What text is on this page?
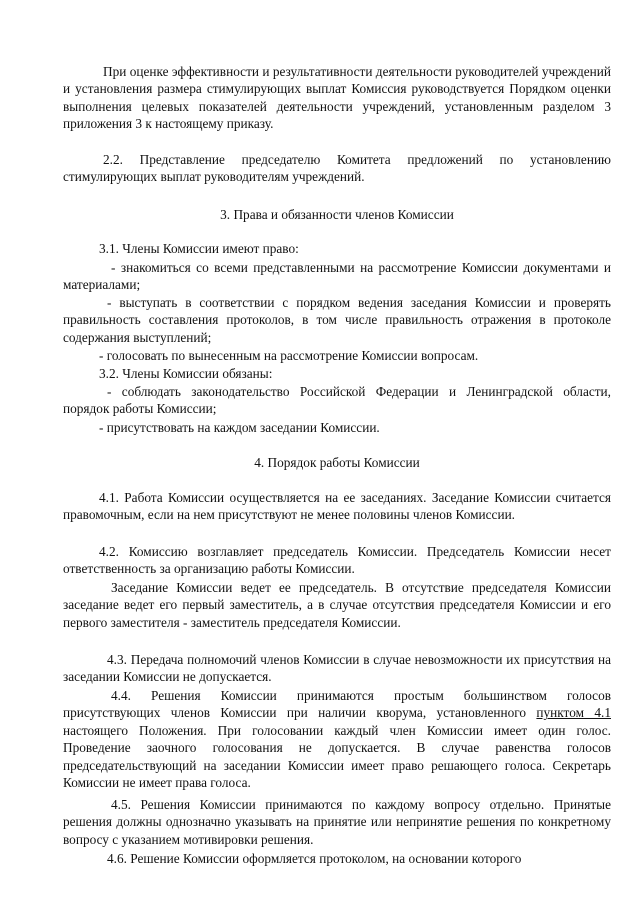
При оценке эффективности и результативности деятельности руководителей учреждений и установления размера стимулирующих выплат Комиссия руководствуется Порядком оценки выполнения целевых показателей деятельности учреждений, установленным разделом 3 приложения 3 к настоящему приказу.

2.2. Представление председателю Комитета предложений по установлению стимулирующих выплат руководителям учреждений.

3. Права и обязанности членов Комиссии

3.1. Члены Комиссии имеют право:

- знакомиться со всеми представленными на рассмотрение Комиссии документами и материалами;

- выступать в соответствии с порядком ведения заседания Комиссии и проверять правильность составления протоколов, в том числе правильность отражения в протоколе содержания выступлений;

- голосовать по вынесенным на рассмотрение Комиссии вопросам.

3.2. Члены Комиссии обязаны:

- соблюдать законодательство Российской Федерации и Ленинградской области, порядок работы Комиссии;

- присутствовать на каждом заседании Комиссии.

4. Порядок работы Комиссии

4.1. Работа Комиссии осуществляется на ее заседаниях. Заседание Комиссии считается правомочным, если на нем присутствуют не менее половины членов Комиссии.

4.2. Комиссию возглавляет председатель Комиссии. Председатель Комиссии несет ответственность за организацию работы Комиссии.

Заседание Комиссии ведет ее председатель. В отсутствие председателя Комиссии заседание ведет его первый заместитель, а в случае отсутствия председателя Комиссии и его первого заместителя - заместитель председателя Комиссии.

4.3. Передача полномочий членов Комиссии в случае невозможности их присутствия на заседании Комиссии не допускается.

4.4. Решения Комиссии принимаются простым большинством голосов присутствующих членов Комиссии при наличии кворума, установленного пунктом 4.1 настоящего Положения. При голосовании каждый член Комиссии имеет один голос. Проведение заочного голосования не допускается. В случае равенства голосов председательствующий на заседании Комиссии имеет право решающего голоса. Секретарь Комиссии не имеет права голоса.

4.5. Решения Комиссии принимаются по каждому вопросу отдельно. Принятые решения должны однозначно указывать на принятие или непринятие решения по конкретному вопросу с указанием мотивировки решения.

4.6. Решение Комиссии оформляется протоколом, на основании которого
